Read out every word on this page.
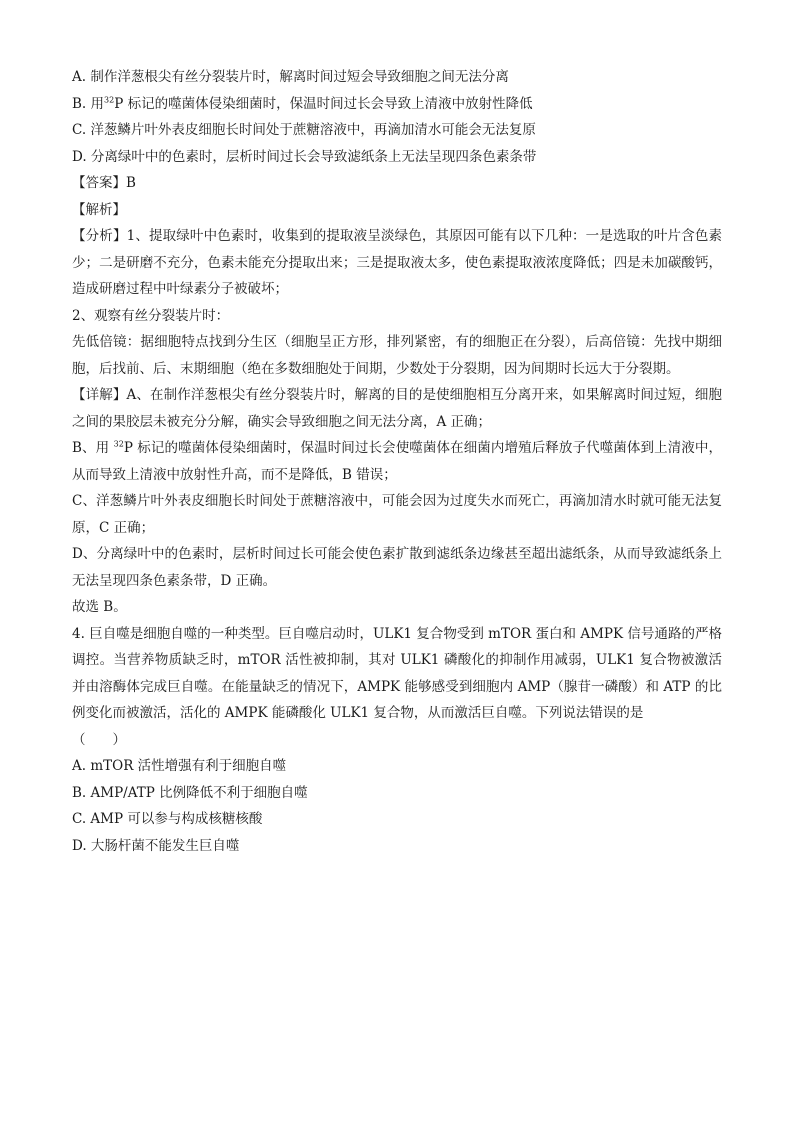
A. 制作洋葱根尖有丝分裂装片时，解离时间过短会导致细胞之间无法分离

B. 用$^{32}$P 标记的噬菌体侵染细菌时，保温时间过长会导致上清液中放射性降低

C. 洋葱鳞片叶外表皮细胞长时间处于蔗糖溶液中，再滴加清水可能会无法复原

D. 分离绿叶中的色素时，层析时间过长会导致滤纸条上无法呈现四条色素条带

【答案】B

【解析】

【分析】1、提取绿叶中色素时，收集到的提取液呈淡绿色，其原因可能有以下几种：一是选取的叶片含色素少；二是研磨不充分，色素未能充分提取出来；三是提取液太多，使色素提取液浓度降低；四是未加碳酸钙，造成研磨过程中叶绿素分子被破坏；

2、观察有丝分裂装片时：

先低倍镜：据细胞特点找到分生区（细胞呈正方形，排列紧密，有的细胞正在分裂），后高倍镜：先找中期细胞，后找前、后、末期细胞（绝在多数细胞处于间期，少数处于分裂期，因为间期时长远大于分裂期。

【详解】A、在制作洋葱根尖有丝分裂装片时，解离的目的是使细胞相互分离开来，如果解离时间过短，细胞之间的果胶层未被充分分解，确实会导致细胞之间无法分离，A 正确；

B、用 $^{32}$P 标记的噬菌体侵染细菌时，保温时间过长会使噬菌体在细菌内增殖后释放子代噬菌体到上清液中，从而导致上清液中放射性升高，而不是降低，B 错误；

C、洋葱鳞片叶外表皮细胞长时间处于蔗糖溶液中，可能会因为过度失水而死亡，再滴加清水时就可能无法复原，C 正确；

D、分离绿叶中的色素时，层析时间过长可能会使色素扩散到滤纸条边缘甚至超出滤纸条，从而导致滤纸条上无法呈现四条色素条带，D 正确。

故选 B。

4. 巨自噬是细胞自噬的一种类型。巨自噬启动时，ULK1 复合物受到 mTOR 蛋白和 AMPK 信号通路的严格调控。当营养物质缺乏时，mTOR 活性被抑制，其对 ULK1 磷酸化的抑制作用减弱，ULK1 复合物被激活并由溶酶体完成巨自噬。在能量缺乏的情况下，AMPK 能够感受到细胞内 AMP（腺苷一磷酸）和 ATP 的比例变化而被激活，活化的 AMPK 能磷酸化 ULK1 复合物，从而激活巨自噬。下列说法错误的是

（　　）

A. mTOR 活性增强有利于细胞自噬

B. AMP/ATP 比例降低不利于细胞自噬

C. AMP 可以参与构成核糖核酸

D. 大肠杆菌不能发生巨自噬
